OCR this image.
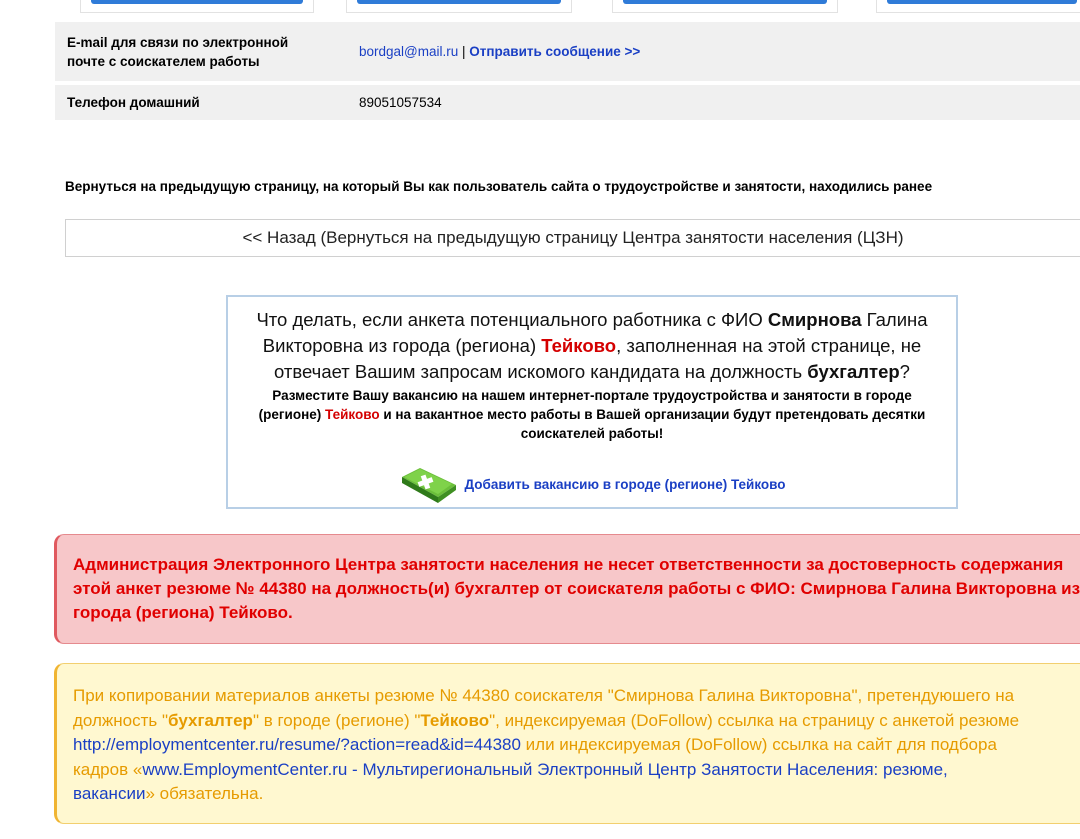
E-mail для связи по электронной почте с соискателем работы	bordgal@mail.ru | Отправить сообщение >>
Телефон домашний	89051057534
Вернуться на предыдущую страницу, на который Вы как пользователь сайта о трудоустройстве и занятости, находились ранее
<< Назад (Вернуться на предыдущую страницу Центра занятости населения (ЦЗН)
Что делать, если анкета потенциального работника с ФИО Смирнова Галина Викторовна из города (региона) Тейково, заполненная на этой странице, не отвечает Вашим запросам искомого кандидата на должность бухгалтер?
Разместите Вашу вакансию на нашем интернет-портале трудоустройства и занятости в городе (регионе) Тейково и на вакантное место работы в Вашей организации будут претендовать десятки соискателей работы!
Добавить вакансию в городе (регионе) Тейково
Администрация Электронного Центра занятости населения не несет ответственности за достоверность содержания
этой анкет резюме № 44380 на должность(и) бухгалтер от соискателя работы с ФИО: Смирнова Галина Викторовна из
города (региона) Тейково.
При копировании материалов анкеты резюме № 44380 соискателя "Смирнова Галина Викторовна", претендуюшего на
должность "бухгалтер" в городе (регионе) "Тейково", индексируемая (DoFollow) ссылка на страницу с анкетой резюме
http://employmentcenter.ru/resume/?action=read&id=44380 или индексируемая (DoFollow) ссылка на сайт для подбора
кадров «www.EmploymentCenter.ru - Мультирегиональный Электронный Центр Занятости Населения: резюме,
вакансии» обязательна.
